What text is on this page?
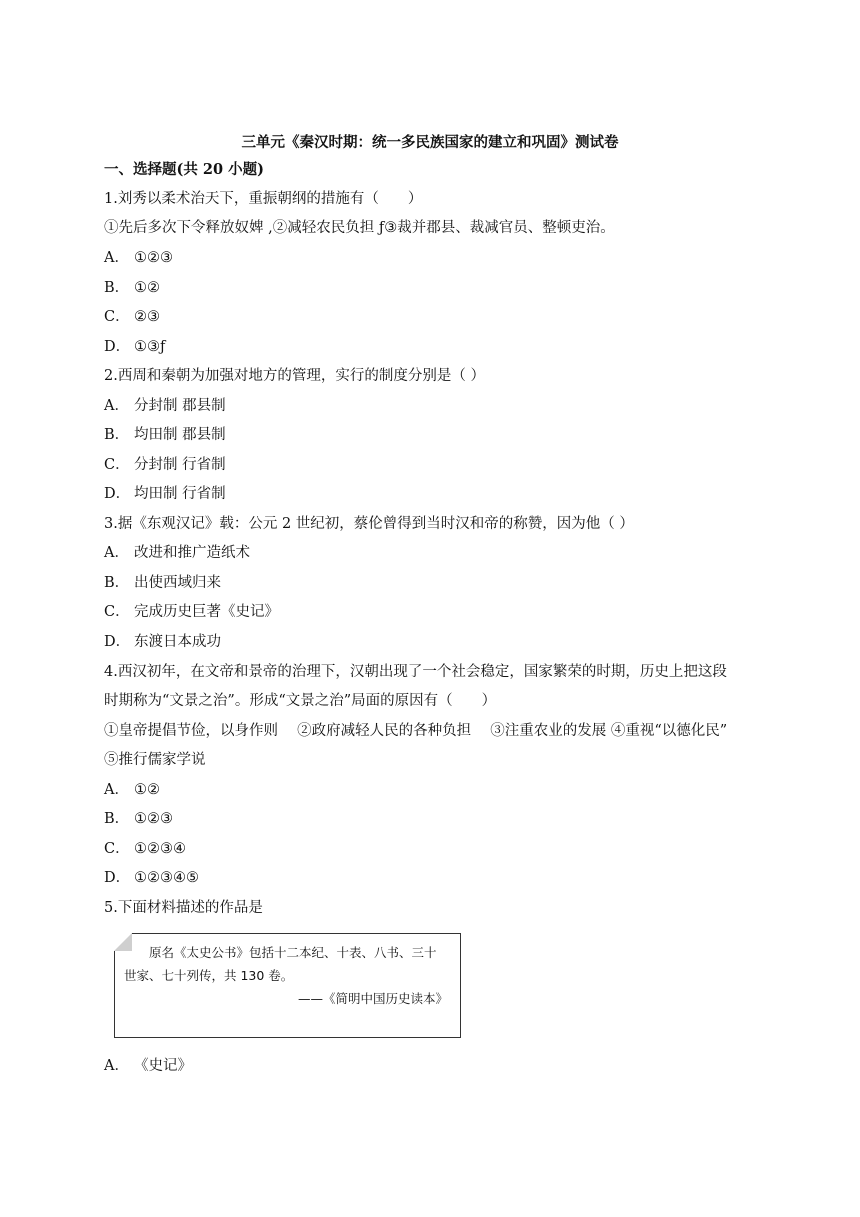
三单元《秦汉时期：统一多民族国家的建立和巩固》测试卷
一、选择题(共 20 小题)
1.刘秀以柔术治天下，重振朝纲的措施有（　　）
①先后多次下令释放奴婢 ,②减轻农民负担 ƒ③裁并郡县、裁减官员、整顿吏治。
A． ①②③
B． ①②
C． ②③
D． ①③ƒ
2.西周和秦朝为加强对地方的管理，实行的制度分别是（ ）
A． 分封制 郡县制
B． 均田制 郡县制
C． 分封制 行省制
D． 均田制 行省制
3.据《东观汉记》载：公元 2 世纪初，蔡伦曾得到当时汉和帝的称赞，因为他（ ）
A． 改进和推广造纸术
B． 出使西域归来
C． 完成历史巨著《史记》
D． 东渡日本成功
4.西汉初年，在文帝和景帝的治理下，汉朝出现了一个社会稳定，国家繁荣的时期，历史上把这段
时期称为“文景之治”。形成“文景之治”局面的原因有（　　）
①皇帝提倡节俭，以身作则　 ②政府减轻人民的各种负担　 ③注重农业的发展 ④重视“以德化民”
⑤推行儒家学说
A． ①②
B． ①②③
C． ①②③④
D． ①②③④⑤
5.下面材料描述的作品是
原名《太史公书》包括十二本纪、十表、八书、三十
世家、七十列传，共 130 卷。
——《简明中国历史读本》
A． 《史记》
